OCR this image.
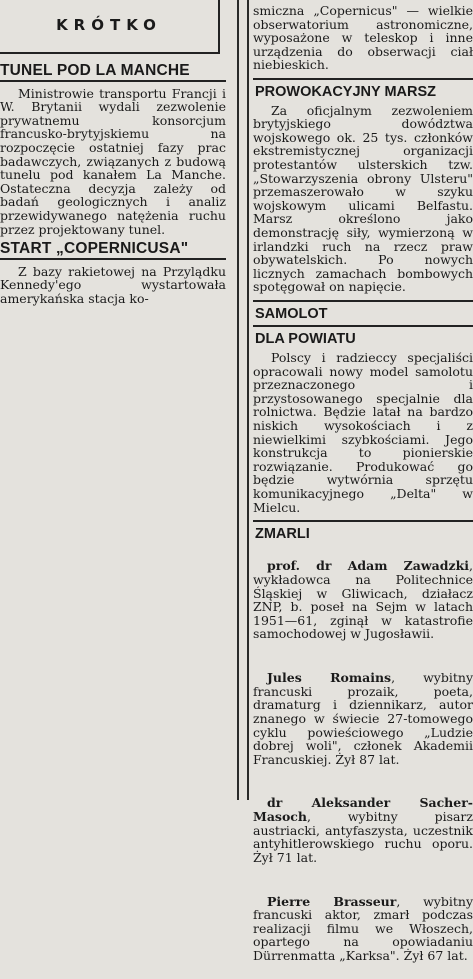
KRÓTKO
TUNEL POD LA MANCHE
Ministrowie transportu Francji i W. Brytanii wydali zezwolenie prywatnemu konsorcjum francusko-brytyjskiemu na rozpoczęcie ostatniej fazy prac badawczych, związanych z budową tunelu pod kanałem La Manche. Ostateczna decyzja zależy od badań geologicznych i analiz przewidywanego natężenia ruchu przez projektowany tunel.
START „COPERNICUSA"
Z bazy rakietowej na Przylądku Kennedy'ego wystartowała amerykańska stacja ko-
smiczna „Copernicus" — wielkie obserwatorium astronomiczne, wyposażone w teleskop i inne urządzenia do obserwacji ciał niebieskich.
PROWOKACYJNY MARSZ
Za oficjalnym zezwoleniem brytyjskiego dowództwa wojskowego ok. 25 tys. członków ekstremistycznej organizacji protestantów ulsterskich tzw. „Stowarzyszenia obrony Ulsteru" przemaszerowało w szyku wojskowym ulicami Belfastu. Marsz określono jako demonstrację siły, wymierzoną w irlandzki ruch na rzecz praw obywatelskich. Po nowych licznych zamachach bombowych spotęgował on napięcie.
SAMOLOT
DLA POWIATU
Polscy i radzieccy specjaliści opracowali nowy model samolotu przeznaczonego i przystosowanego specjalnie dla rolnictwa. Będzie latał na bardzo niskich wysokościach i z niewielkimi szybkościami. Jego konstrukcja to pionierskie rozwiązanie. Produkować go będzie wytwórnia sprzętu komunikacyjnego „Delta" w Mielcu.
ZMARLI

prof. dr Adam Zawadzki, wykładowca na Politechnice Śląskiej w Gliwicach, działacz ZNP, b. poseł na Sejm w latach 1951—61, zginął w katastrofie samochodowej w Jugosławii.

Jules Romains, wybitny francuski prozaik, poeta, dramaturg i dziennikarz, autor znanego w świecie 27-tomowego cyklu powieściowego „Ludzie dobrej woli", członek Akademii Francuskiej. Żył 87 lat.

dr Aleksander Sacher-Masoch, wybitny pisarz austriacki, antyfaszysta, uczestnik antyhitlerowskiego ruchu oporu. Żył 71 lat.

Pierre Brasseur, wybitny francuski aktor, zmarł podczas realizacji filmu we Włoszech, opartego na opowiadaniu Dürrenmatta „Karksa". Żył 67 lat.
